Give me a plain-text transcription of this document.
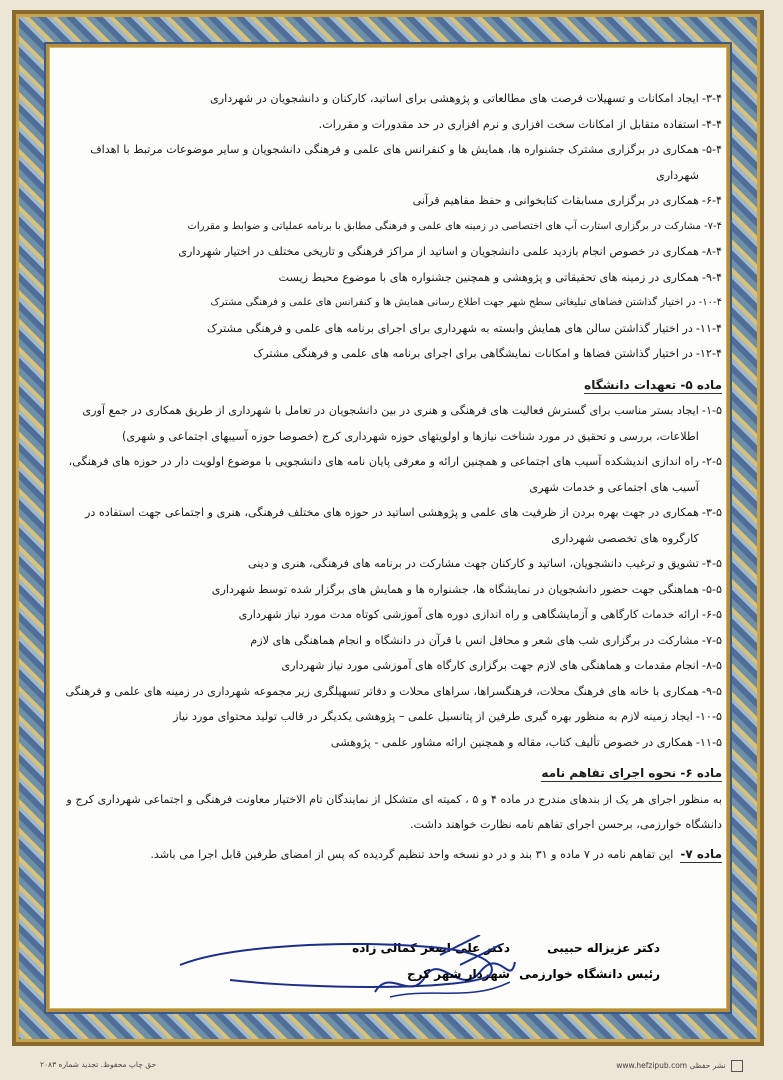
۳-۴-
ایجاد امکانات و تسهیلات فرصت های مطالعاتی و پژوهشی برای اساتید، کارکنان و دانشجویان در شهرداری
۴-۴-
استفاده متقابل از امکانات سخت افزاری و نرم افزاری در حد مقدورات و مقررات.
۵-۴-
همکاری در برگزاری مشترک جشنواره ها، همایش ها و کنفرانس های علمی و فرهنگی دانشجویان و سایر موضوعات مرتبط با اهداف شهرداری
۶-۴-
همکاری در برگزاری مسابقات کتابخوانی و حفظ مفاهیم قرآنی
۷-۴-
مشارکت در برگزاری استارت آپ های اختصاصی در زمینه های علمی و فرهنگی مطابق با برنامه عملیاتی و ضوابط و مقررات
۸-۴-
همکاری در خصوص انجام بازدید علمی دانشجویان و اساتید از مراکز فرهنگی و تاریخی مختلف در اختیار شهرداری
۹-۴-
همکاری در زمینه های تحقیقاتی و پژوهشی و همچنین جشنواره های با موضوع محیط زیست
۱۰-۴-
در اختیار گذاشتن فضاهای تبلیغاتی سطح شهر جهت اطلاع رسانی همایش ها و کنفرانس های علمی و فرهنگی مشترک
۱۱-۴-
در اختیار گذاشتن سالن های همایش وابسته به شهرداری برای اجرای برنامه های علمی و فرهنگی مشترک
۱۲-۴-
در اختیار گذاشتن فضاها و امکانات نمایشگاهی برای اجرای برنامه های علمی و فرهنگی مشترک
ماده ۵- تعهدات دانشگاه
۱-۵-
ایجاد بستر مناسب برای گسترش فعالیت های فرهنگی و هنری در بین دانشجویان در تعامل با شهرداری از طریق همکاری در جمع آوری اطلاعات، بررسی و تحقیق در مورد شناخت نیازها و اولویتهای حوزه شهرداری کرج (خصوصا حوزه آسیبهای اجتماعی و شهری)
۲-۵-
راه اندازی اندیشکده آسیب های اجتماعی و همچنین ارائه و معرفی پایان نامه های دانشجویی با موضوع اولویت دار در حوزه های فرهنگی، آسیب های اجتماعی و خدمات شهری
۳-۵-
همکاری در جهت بهره بردن از ظرفیت های علمی و پژوهشی اساتید در حوزه های مختلف فرهنگی، هنری و اجتماعی جهت استفاده در کارگروه های تخصصی شهرداری
۴-۵-
تشویق و ترغیب دانشجویان، اساتید و کارکنان جهت مشارکت در برنامه های فرهنگی، هنری و دینی
۵-۵-
هماهنگی جهت حضور دانشجویان در نمایشگاه ها، جشنواره ها و همایش های برگزار شده توسط شهرداری
۶-۵-
ارائه خدمات کارگاهی و آزمایشگاهی و راه اندازی دوره های آموزشی کوتاه مدت مورد نیاز شهرداری
۷-۵-
مشارکت در برگزاری شب های شعر و محافل انس با قرآن در دانشگاه و انجام هماهنگی های لازم
۸-۵-
انجام مقدمات و هماهنگی های لازم جهت برگزاری کارگاه های آموزشی مورد نیاز شهرداری
۹-۵-
همکاری با خانه های فرهنگ محلات، فرهنگسراها، سراهای محلات و دفاتر تسهیلگری زیر مجموعه شهرداری در زمینه های علمی و فرهنگی
۱۰-۵-
ایجاد زمینه لازم به منظور بهره گیری طرفین از پتانسیل علمی – پژوهشی یکدیگر در قالب تولید محتوای مورد نیاز
۱۱-۵-
همکاری در خصوص تألیف کتاب، مقاله و همچنین ارائه مشاور علمی - پژوهشی
ماده ۶- نحوه اجرای تفاهم نامه
به منظور اجرای هر یک از بندهای مندرج در ماده ۴ و ۵ ، کمیته ای متشکل از نمایندگان تام الاختیار معاونت فرهنگی و اجتماعی شهرداری کرج و دانشگاه خوارزمی، برحسن اجرای تفاهم نامه نظارت خواهند داشت.
ماده ۷-
این تفاهم نامه در ۷ ماده و ۳۱ بند و در دو نسخه واحد تنظیم گردیده که پس از امضای طرفین قابل اجرا می باشد.
دکتر عزیزاله حبیبی
رئیس دانشگاه خوارزمی
دکتر علی اصغر کمالی زاده
شهردار شهر کرج
حق چاپ محفوظ. تجدید شماره ۲۰۸۳	www.hefzipub.com نشر حفظی
